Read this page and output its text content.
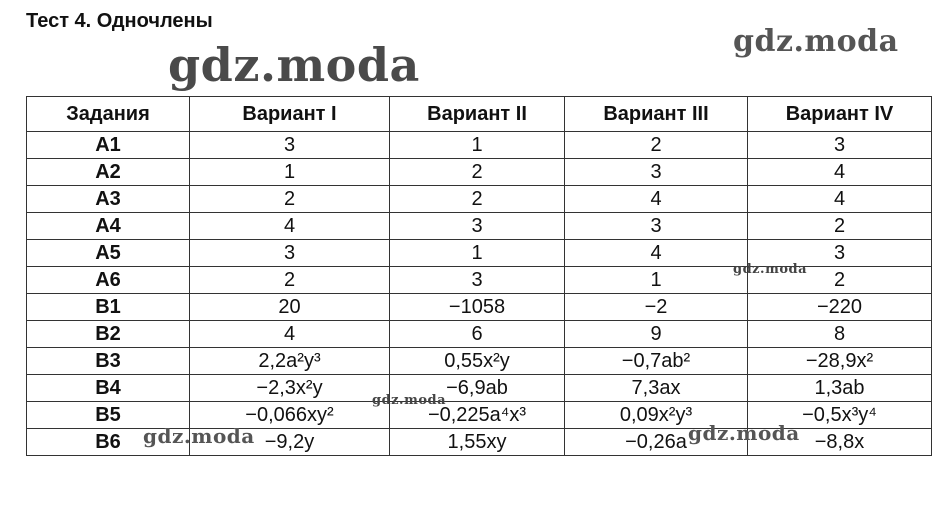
Тест 4. Одночлены
gdz.moda	gdz.moda
Задания	Вариант I	Вариант II	Вариант III	Вариант IV
A1	3	1	2	3
A2	1	2	3	4
A3	2	2	4	4
A4	4	3	3	2
A5	3	1	4	3
A6	2	3	1	2
B1	20	−1058	−2	−220
B2	4	6	9	8
B3	2,2a²y³	0,55x²y	−0,7ab²	−28,9x²
B4	−2,3x²y	−6,9ab	7,3ax	1,3ab
B5	−0,066xy²	−0,225a⁴x³	0,09x²y³	−0,5x³y⁴
B6	−9,2y	1,55xy	−0,26a	−8,8x
gdz.moda
gdz.moda
gdz.moda	gdz.moda
